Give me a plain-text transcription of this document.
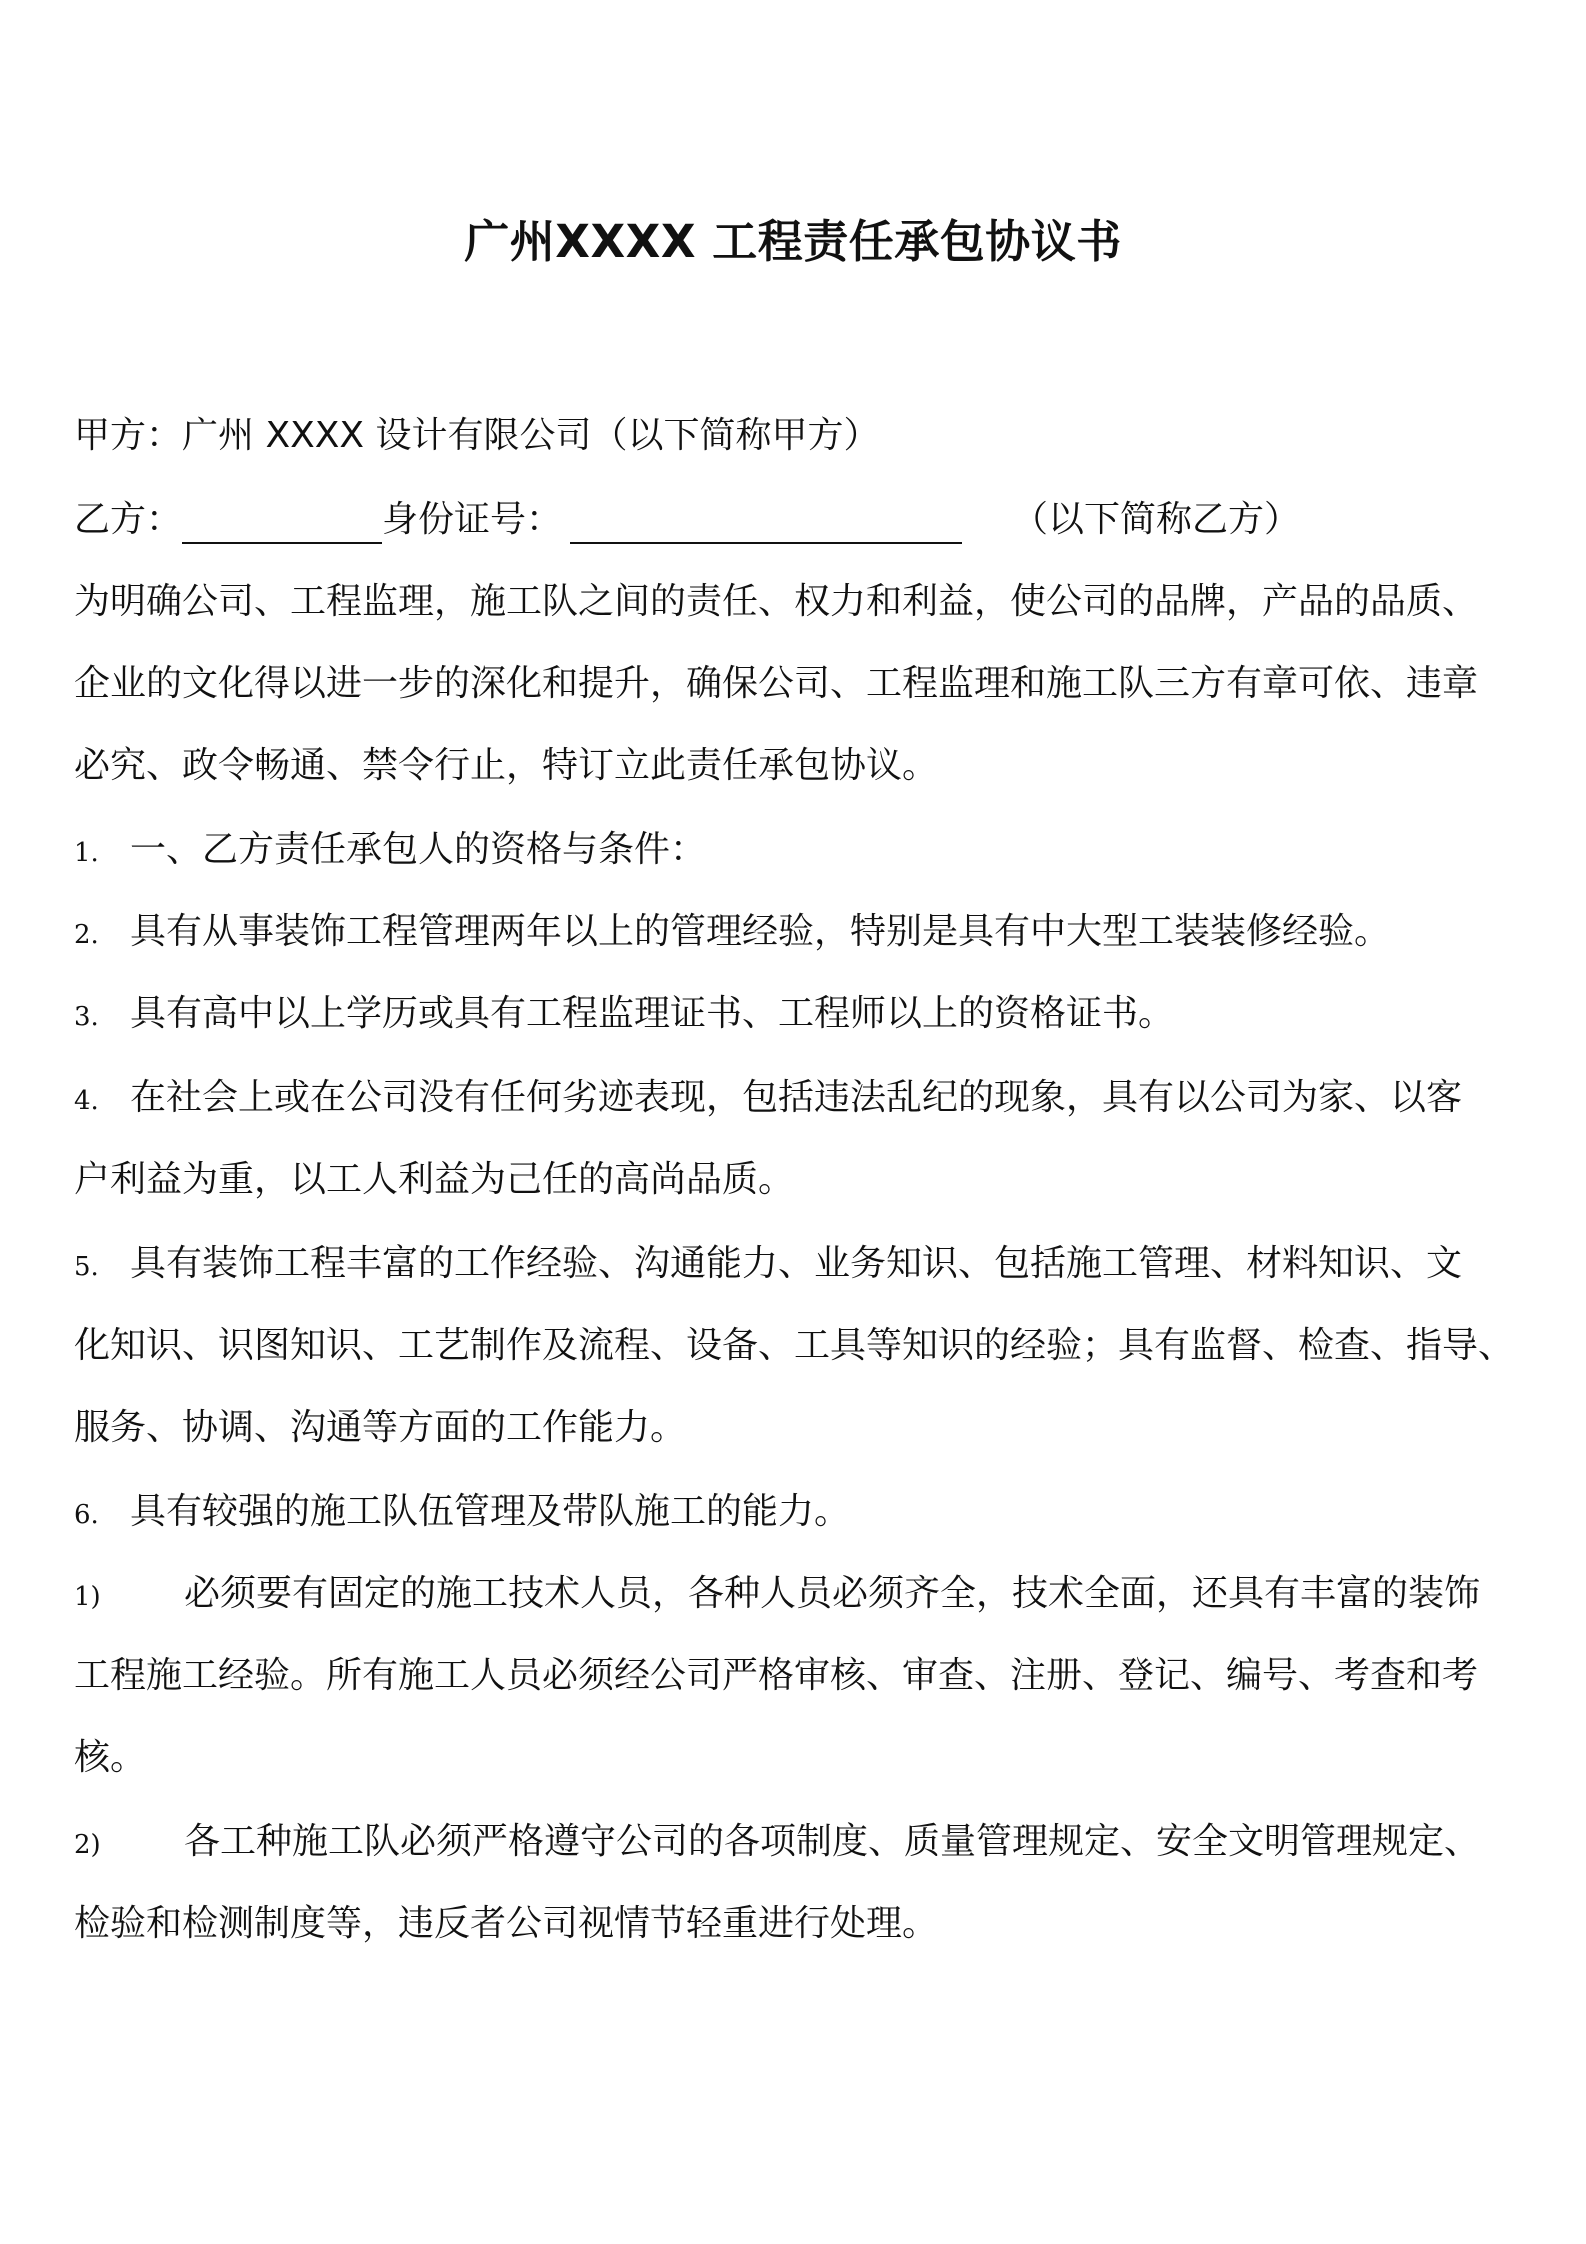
广州XXXX 工程责任承包协议书
甲方：广州 XXXX 设计有限公司（以下简称甲方）
乙方：	身份证号：	（以下简称乙方）
为明确公司、工程监理，施工队之间的责任、权力和利益，使公司的品牌，产品的品质、
企业的文化得以进一步的深化和提升，确保公司、工程监理和施工队三方有章可依、违章
必究、政令畅通、禁令行止，特订立此责任承包协议。
1. 一、乙方责任承包人的资格与条件：
2. 具有从事装饰工程管理两年以上的管理经验，特别是具有中大型工装装修经验。
3. 具有高中以上学历或具有工程监理证书、工程师以上的资格证书。
4. 在社会上或在公司没有任何劣迹表现，包括违法乱纪的现象，具有以公司为家、以客
户利益为重，以工人利益为己任的高尚品质。
5. 具有装饰工程丰富的工作经验、沟通能力、业务知识、包括施工管理、材料知识、文
化知识、识图知识、工艺制作及流程、设备、工具等知识的经验；具有监督、检查、指导、
服务、协调、沟通等方面的工作能力。
6. 具有较强的施工队伍管理及带队施工的能力。
1) 必须要有固定的施工技术人员，各种人员必须齐全，技术全面，还具有丰富的装饰
工程施工经验。所有施工人员必须经公司严格审核、审查、注册、登记、编号、考查和考
核。
2) 各工种施工队必须严格遵守公司的各项制度、质量管理规定、安全文明管理规定、
检验和检测制度等，违反者公司视情节轻重进行处理。
